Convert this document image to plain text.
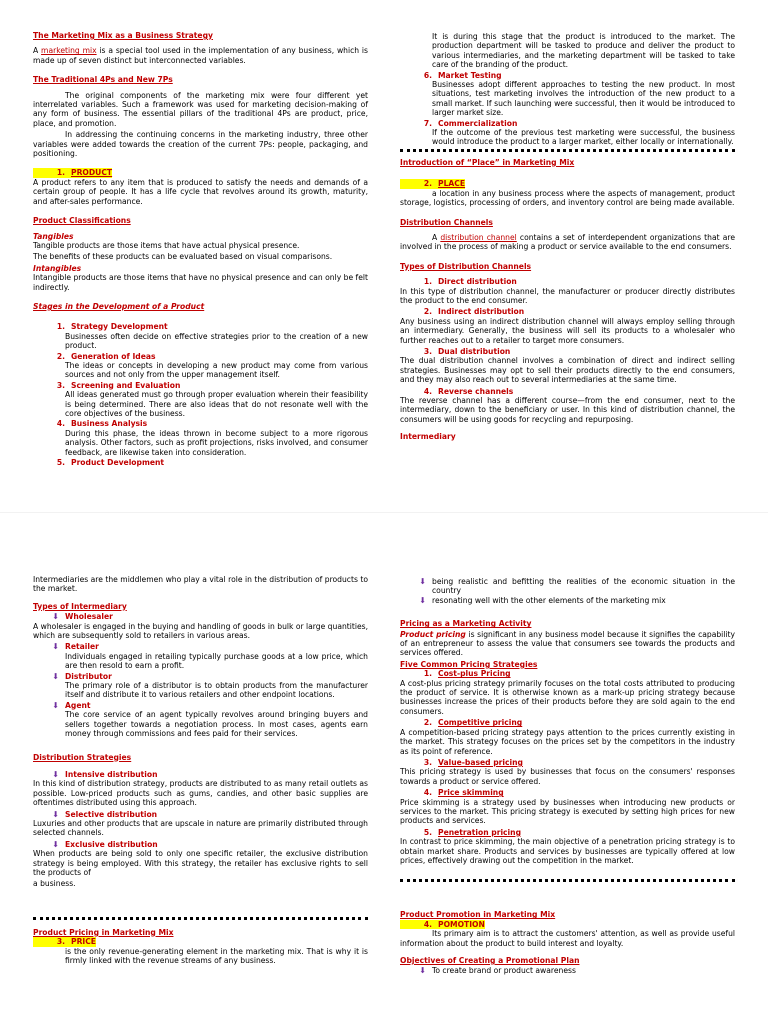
The Marketing Mix as a Business Strategy

A marketing mix is a special tool used in the implementation of any business, which is made up of seven distinct but interconnected variables.

The Traditional 4Ps and New 7Ps

The original components of the marketing mix were four different yet interrelated variables. Such a framework was used for marketing decision-making of any form of business. The essential pillars of the traditional 4Ps are product, price, place, and promotion.

In addressing the continuing concerns in the marketing industry, three other variables were added towards the creation of the current 7Ps: people, packaging, and positioning.

1. PRODUCT

A product refers to any item that is produced to satisfy the needs and demands of a certain group of people. It has a life cycle that revolves around its growth, maturity, and after-sales performance.

Product Classifications
Tangibles

Tangible products are those items that have actual physical presence.

The benefits of these products can be evaluated based on visual comparisons.

Intangibles

Intangible products are those items that have no physical presence and can only be felt indirectly.

Stages in the Development of a Product
1. Strategy Development
Businesses often decide on effective strategies prior to the creation of a new product.
2. Generation of Ideas
The ideas or concepts in developing a new product may come from various sources and not only from the upper management itself.
3. Screening and Evaluation
All ideas generated must go through proper evaluation wherein their feasibility is being determined. There are also ideas that do not resonate well with the core objectives of the business.
4. Business Analysis
During this phase, the ideas thrown in become subject to a more rigorous analysis. Other factors, such as profit projections, risks involved, and consumer feedback, are likewise taken into consideration.
5. Product Development
It is during this stage that the product is introduced to the market. The production department will be tasked to produce and deliver the product to various intermediaries, and the marketing department will be tasked to take care of the branding of the product.
6. Market Testing
Businesses adopt different approaches to testing the new product. In most situations, test marketing involves the introduction of the new product to a small market. If such launching were successful, then it would be introduced to larger market size.
7. Commercialization
If the outcome of the previous test marketing were successful, the business would introduce the product to a larger market, either locally or internationally.
Introduction of “Place” in Marketing Mix
2. PLACE

a location in any business process where the aspects of management, product storage, logistics, processing of orders, and inventory control are being made available.

Distribution Channels

A distribution channel contains a set of interdependent organizations that are involved in the process of making a product or service available to the end consumers.

Types of Distribution Channels
1. Direct distribution

In this type of distribution channel, the manufacturer or producer directly distributes the product to the end consumer.

2. Indirect distribution

Any business using an indirect distribution channel will always employ selling through an intermediary. Generally, the business will sell its products to a wholesaler who further reaches out to a retailer to target more consumers.

3. Dual distribution

The dual distribution channel involves a combination of direct and indirect selling strategies. Businesses may opt to sell their products directly to the end consumers, and they may also reach out to several intermediaries at the same time.

4. Reverse channels

The reverse channel has a different course—from the end consumer, next to the intermediary, down to the beneficiary or user. In this kind of distribution channel, the consumers will be using goods for recycling and repurposing.

Intermediary

Intermediaries are the middlemen who play a vital role in the distribution of products to the market.

Types of Intermediary
⬇ Wholesaler

A wholesaler is engaged in the buying and handling of goods in bulk or large quantities, which are subsequently sold to retailers in various areas.

⬇ Retailer
Individuals engaged in retailing typically purchase goods at a low price, which are then resold to earn a profit.
⬇ Distributor
The primary role of a distributor is to obtain products from the manufacturer itself and distribute it to various retailers and other endpoint locations.
⬇ Agent
The core service of an agent typically revolves around bringing buyers and sellers together towards a negotiation process. In most cases, agents earn money through commissions and fees paid for their services.
Distribution Strategies
⬇ Intensive distribution

In this kind of distribution strategy, products are distributed to as many retail outlets as possible. Low-priced products such as gums, candies, and other basic supplies are oftentimes distributed using this approach.

⬇ Selective distribution

Luxuries and other products that are upscale in nature are primarily distributed through selected channels.

⬇ Exclusive distribution

When products are being sold to only one specific retailer, the exclusive distribution strategy is being employed. With this strategy, the retailer has exclusive rights to sell the products of

a business.

Product Pricing in Marketing Mix
3. PRICE
is the only revenue-generating element in the marketing mix. That is why it is firmly linked with the revenue streams of any business.
⬇ being realistic and befitting the realities of the economic situation in the country
⬇ resonating well with the other elements of the marketing mix
Pricing as a Marketing Activity

Product pricing is significant in any business model because it signifies the capability of an entrepreneur to assess the value that consumers see towards the products and services offered.

Five Common Pricing Strategies
1. Cost-plus Pricing

A cost-plus pricing strategy primarily focuses on the total costs attributed to producing the product of service. It is otherwise known as a mark-up pricing strategy because businesses increase the prices of their products before they are sold again to the end consumers.

2. Competitive pricing

A competition-based pricing strategy pays attention to the prices currently existing in the market. This strategy focuses on the prices set by the competitors in the industry as its point of reference.

3. Value-based pricing

This pricing strategy is used by businesses that focus on the consumers' responses towards a product or service offered.

4. Price skimming

Price skimming is a strategy used by businesses when introducing new products or services to the market. This pricing strategy is executed by setting high prices for new products and services.

5. Penetration pricing

In contrast to price skimming, the main objective of a penetration pricing strategy is to obtain market share. Products and services by businesses are typically offered at low prices, effectively drawing out the competition in the market.

Product Promotion in Marketing Mix
4. POMOTION

Its primary aim is to attract the customers' attention, as well as provide useful information about the product to build interest and loyalty.

Objectives of Creating a Promotional Plan
⬇ To create brand or product awareness
